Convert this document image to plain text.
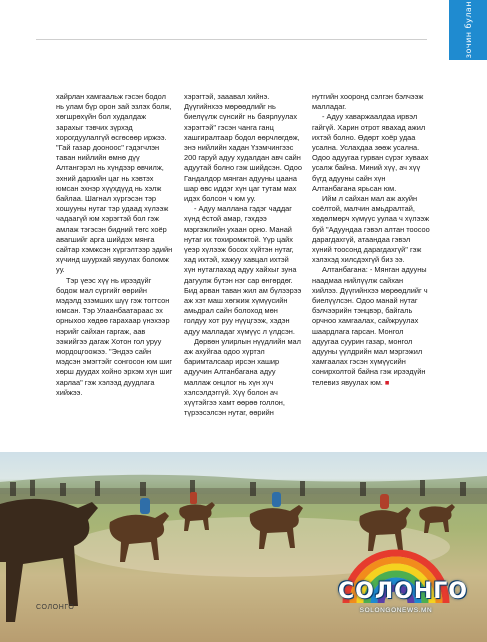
зочин булан

хайрлан хамгаальж гэсэн бодол нь улам бүр орон зай эзлэх болж, хөгшрөхүйн бол худалдаж зарахыг тэвчих зүрхэд хорогдуулалгүй өсгөсөөр иржээ. "Гай газар дооноос" гэдэгчлэн таван нийлийн өмнө дүү Алтангэрэл нь хүндээр өвчилж, эхний дархийн цаг нь хэвтэх юмсан эхнэр хүүхдүүд нь хэлж байлаа. Шагнал хүргэсэн тэр хошууны нутаг тэр удаад хүлээж чадаагүй юм хэрэгтэй бол гэж амлаж тэгэсэн бидний төгс хоёр авагшийг арга шийдэх мянга сайтар хэмжсэн хүргэлтээр эдийн хүчинд шуурхай явуулах боломж уу.

Тэр үеэс хүү нь ирээдүйг бодож мал сүргийг өөрийн мэдэлд эзэмших шүү гэж тогтсон юмсан. Тэр Улаанбаатараас эх орныхоо хөдөө гарахаар үнэхээр нэрийг сайхан гаргаж, аав ээжийгээ дагаж Хотон гол уруу мордоцгоожээ. "Эндээ сайн мэдсэн эмэгтэйг сонгосон юм шиг хөрш дуудах хойно эрхэм хүн шиг харлаа" гэж хэлээд дуудлага хийжээ.

хэрэгтэй, зааавал хийнэ. Дүүгийнхээ мөрөөдлийг нь биелүүлж сүнсийг нь баярлуулах хэрэгтэй" гэсэн чанга ганц хашгиралтаар бодол өөрчлөгдөж, энэ нийлийн хадан Үзэмчингээс 200 гаруй адуу худалдан авч сайн адуутай болно гэж шийдсэн. Одоо Гандалдор мянган адууны цаана шар өвс иддэг хүн цаг тутам мах идэх болсон ч юм уу.

- Адуу маллана гэдэг чаддаг хүнд ёстой амар, гэхдээ мэргэжлийн ухаан орно. Манай нутаг их тохиромжтой. Үүр цайх үеэр хүлээж босох хүйтэн нутаг, хад ихтэй, хажуу хавцал ихтэй хүн нутаглахад адуу хайхыг зуна дагуулж бүтэн нэг сар өнгөрдөг. Бид арван таван жил ам бүлээрээ аж хэт маш хөгжиж хүмүүсийн амьдрал сайн болоход мөн голдуу хот руу нүүцгээж, хэдэн адуу малладаг хүмүүс л үлдсэн.

Дөрвөн улирлын нүүдлийн мал аж ахуйгаа одоо хүртэл баримталсаар ирсэн хашир адуучин Алтанбагана адуу маллаж онцлог нь хүн хүч хэлсэлдэггүй. Хүү болон ач хүүтэйгээ хамт өөрөө голлон, түрээсэлсэн нутаг, өөрийн

нутгийн хооронд сэлгэн бэлчээж малладаг.

- Адуу хаваржаалдаа ирвэл гайгүй. Харин отрот явахад ажил ихтэй болно. Өдөрт хоёр удаа усална. Услахдаа зөөж усална. Одоо адуугаа гурван сүрэг хуваах усалж байна. Миний хүү, ач хүү бүгд адууны сайн хүн Алтанбагана ярьсан юм.

Ийм л сайхан мал аж ахуйн соёлтой, малчин амьдралтай, хөдөлмөрч хүмүүс уулаа ч хүлээж буй "Адуундаа гэвэл алтан тоосоо дарагдахгүй, атаандаа гэвэл хүний тоосонд дарагдахгүй" гэж хэлэхэд хилсдэхгүй биз ээ.

Алтанбагана: - Мянган адууны наадмаа нийлүүлж сайхан хийлээ. Дүүгийнхээ мөрөөдлийг ч биелүүлсэн. Одоо манай нутаг бэлчээрийн тэнцвэр, байгаль орчноо хамгаалах, сайжруулах шаардлага гарсан. Монгол адуугаа суурин газар, монгол адууны үүлдрийн мал мэргэжил хамгаалах гэсэн хүмүүсийн сонирхолтой байна гэж ирээдүйн телевиз явуулах юм. ■

СОЛОНГО
SOLONGONEWS.MN
СОЛОНГО
